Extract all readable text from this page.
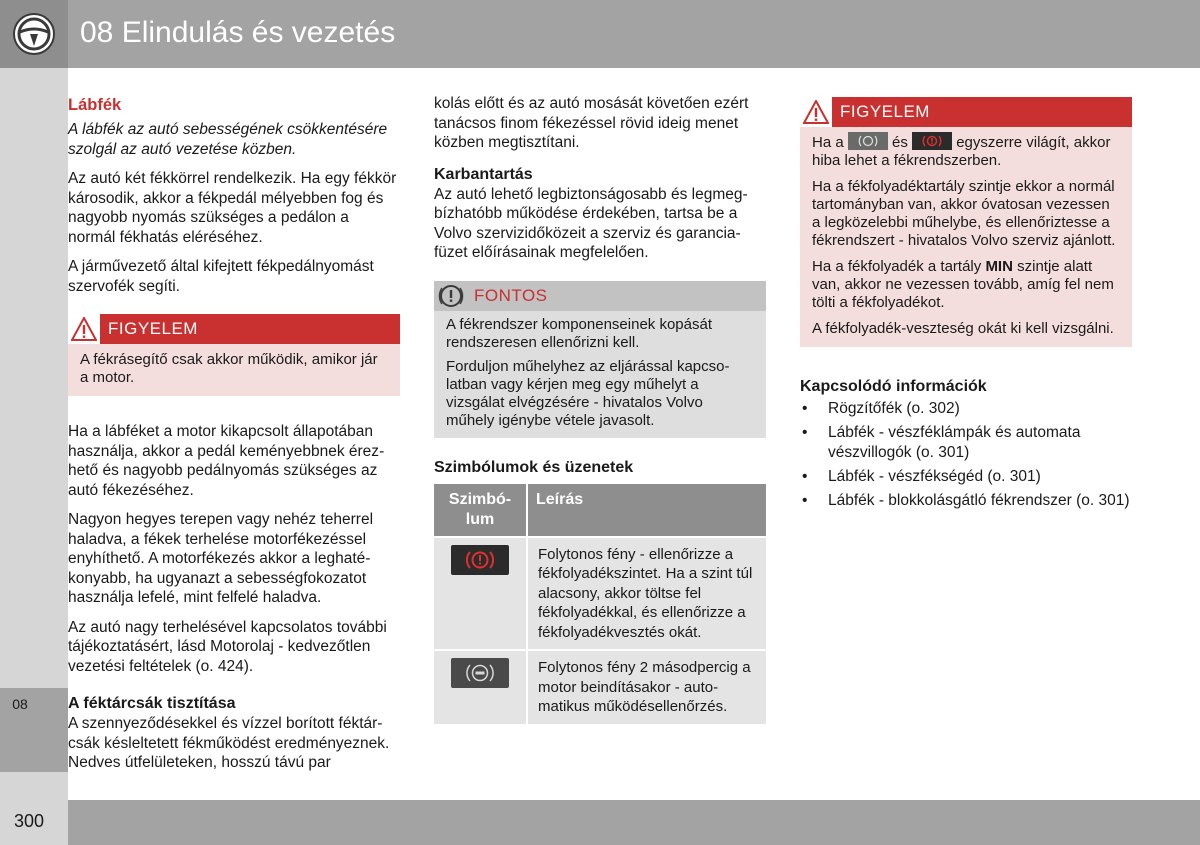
08 Elindulás és vezetés
08
300

Lábfék

A lábfék az autó sebességének csökkentésére szolgál az autó vezetése közben.

Az autó két fékkörrel rendelkezik. Ha egy fékkör károsodik, akkor a fékpedál mélyebben fog és nagyobb nyomás szükséges a pedálon a normál fékhatás eléréséhez.

A járművezető által kifejtett fékpedálnyomást szervofék segíti.

FIGYELEM

A fékrásegítő csak akkor működik, amikor jár a motor.

Ha a lábféket a motor kikapcsolt állapotában használja, akkor a pedál keményebbnek érezhető és nagyobb pedálnyomás szükséges az autó fékezéséhez.

Nagyon hegyes terepen vagy nehéz teherrel haladva, a fékek terhelése motorfékezéssel enyhíthető. A motorfékezés akkor a leghatékonyabb, ha ugyanazt a sebességfokozatot használja lefelé, mint felfelé haladva.

Az autó nagy terhelésével kapcsolatos további tájékoztatásért, lásd Motorolaj - kedvezőtlen vezetési feltételek (o. 424).

A féktárcsák tisztítása

A szennyeződésekkel és vízzel borított féktárcsák késleltetett fékműködést eredményeznek. Nedves útfelületeken, hosszú távú par

kolás előtt és az autó mosását követően ezért tanácsos finom fékezéssel rövid ideig menet közben megtisztítani.

Karbantartás

Az autó lehető legbiztonságosabb és legmegbízhatóbb működése érdekében, tartsa be a Volvo szervizidőközeit a szerviz és garanciafüzet előírásainak megfelelően.

FONTOS

A fékrendszer komponenseinek kopását rendszeresen ellenőrizni kell.

Forduljon műhelyhez az eljárással kapcsolatban vagy kérjen meg egy műhelyt a vizsgálat elvégzésére - hivatalos Volvo műhely igénybe vétele javasolt.

Szimbólumok és üzenetek

Szimbólum	Leírás
	Folytonos fény - ellenőrizze a fékfolyadékszintet. Ha a szint túl alacsony, akkor töltse fel fékfolyadékkal, és ellenőrizze a fékfolyadékvesztés okát.
	Folytonos fény 2 másodpercig a motor beindításakor - automatikus működésellenőrzés.
FIGYELEM

Ha a	és	egyszerre világít, akkor hiba lehet a fékrendszerben.

Ha a fékfolyadéktartály szintje ekkor a normál tartományban van, akkor óvatosan vezessen a legközelebbi műhelybe, és ellenőriztesse a fékrendszert - hivatalos Volvo szerviz ajánlott.

Ha a fékfolyadék a tartály MIN szintje alatt van, akkor ne vezessen tovább, amíg fel nem tölti a fékfolyadékot.

A fékfolyadék-veszteség okát ki kell vizsgálni.

Kapcsolódó információk

• Rögzítőfék (o. 302)
• Lábfék - vészféklámpák és automata vészvillogók (o. 301)
• Lábfék - vészfékségéd (o. 301)
• Lábfék - blokkolásgátló fékrendszer (o. 301)
